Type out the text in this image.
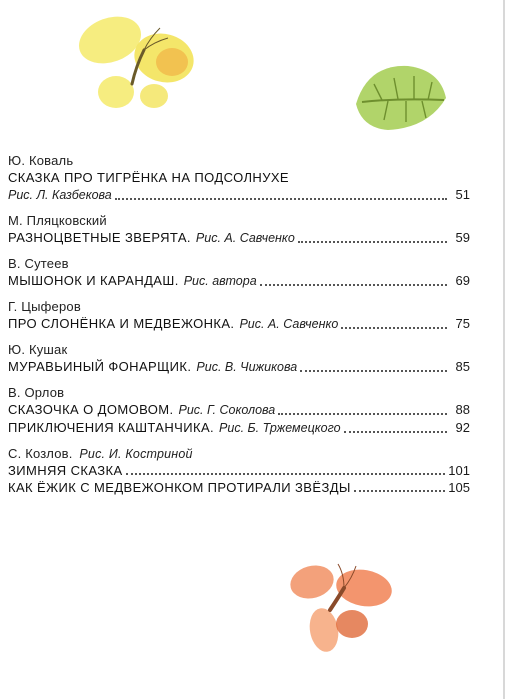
Ю. Коваль
СКАЗКА ПРО ТИГРЁНКА НА ПОДСОЛНУХЕ
Рис. Л. Казбекова	51
М. Пляцковский
РАЗНОЦВЕТНЫЕ ЗВЕРЯТА. Рис. А. Савченко	59
В. Сутеев
МЫШОНОК И КАРАНДАШ. Рис. автора	69
Г. Цыферов
ПРО СЛОНЁНКА И МЕДВЕЖОНКА. Рис. А. Савченко	75
Ю. Кушак
МУРАВЬИНЫЙ ФОНАРЩИК. Рис. В. Чижикова	85
В. Орлов
СКАЗОЧКА О ДОМОВОМ. Рис. Г. Соколова	88
ПРИКЛЮЧЕНИЯ КАШТАНЧИКА. Рис. Б. Тржемецкого	92
С. Козлов. Рис. И. Костриной
ЗИМНЯЯ СКАЗКА	101
КАК ЁЖИК С МЕДВЕЖОНКОМ ПРОТИРАЛИ ЗВЁЗДЫ	105
